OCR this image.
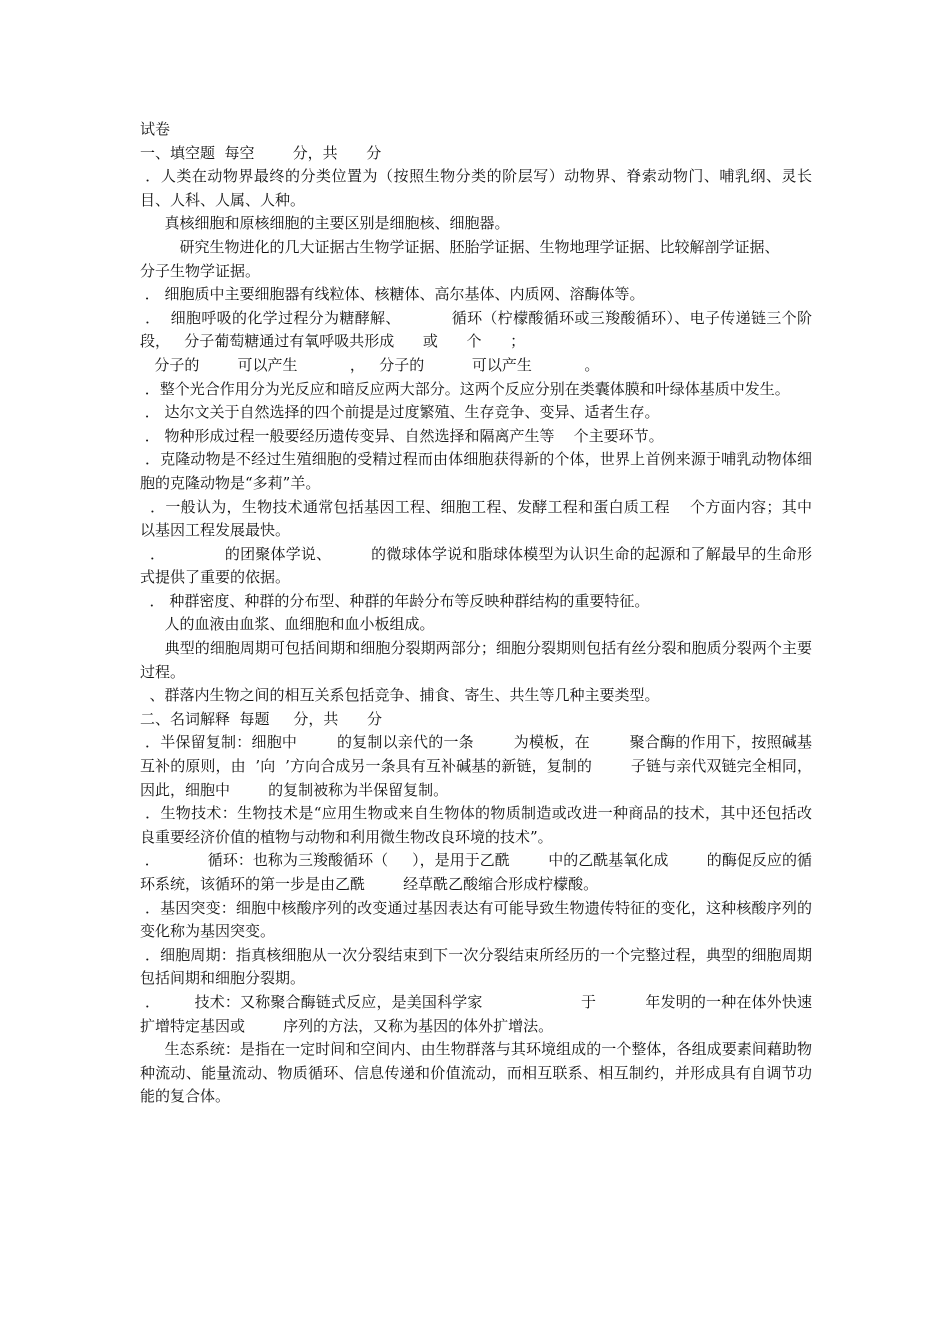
试卷

一、填空题  每空        分，共      分

．人类在动物界最终的分类位置为（按照生物分类的阶层写）动物界、脊索动物门、哺乳纲、灵长目、人科、人属、人种。

真核细胞和原核细胞的主要区别是细胞核、细胞器。

研究生物进化的几大证据古生物学证据、胚胎学证据、生物地理学证据、比较解剖学证据、

分子生物学证据。

． 细胞质中主要细胞器有线粒体、核糖体、高尔基体、内质网、溶酶体等。

．  细胞呼吸的化学过程分为糖酵解、          循环（柠檬酸循环或三羧酸循环）、电子传递链三个阶段，   分子葡萄糖通过有氧呼吸共形成      或      个      ；

分子的        可以产生           ，   分子的          可以产生           。

．整个光合作用分为光反应和暗反应两大部分。这两个反应分别在类囊体膜和叶绿体基质中发生。

． 达尔文关于自然选择的四个前提是过度繁殖、生存竞争、变异、适者生存。

． 物种形成过程一般要经历遗传变异、自然选择和隔离产生等    个主要环节。

．克隆动物是不经过生殖细胞的受精过程而由体细胞获得新的个体，世界上首例来源于哺乳动物体细胞的克隆动物是“多莉”羊。

．一般认为，生物技术通常包括基因工程、细胞工程、发酵工程和蛋白质工程    个方面内容；其中以基因工程发展最快。

．            的团聚体学说、        的微球体学说和脂球体模型为认识生命的起源和了解最早的生命形式提供了重要的依据。

． 种群密度、种群的分布型、种群的年龄分布等反映种群结构的重要特征。

人的血液由血浆、血细胞和血小板组成。

典型的细胞周期可包括间期和细胞分裂期两部分；细胞分裂期则包括有丝分裂和胞质分裂两个主要过程。

、群落内生物之间的相互关系包括竞争、捕食、寄生、共生等几种主要类型。

二、名词解释  每题     分，共      分

．半保留复制：细胞中        的复制以亲代的一条        为模板，在        聚合酶的作用下，按照碱基互补的原则，由  ’向  ’方向合成另一条具有互补碱基的新链，复制的        子链与亲代双链完全相同，因此，细胞中        的复制被称为半保留复制。

．生物技术：生物技术是“应用生物或来自生物体的物质制造或改进一种商品的技术，其中还包括改良重要经济价值的植物与动物和利用微生物改良环境的技术”。

．          循环：也称为三羧酸循环（     ），是用于乙酰        中的乙酰基氧化成        的酶促反应的循环系统，该循环的第一步是由乙酰        经草酰乙酸缩合形成柠檬酸。

．基因突变：细胞中核酸序列的改变通过基因表达有可能导致生物遗传特征的变化，这种核酸序列的变化称为基因突变。

．细胞周期：指真核细胞从一次分裂结束到下一次分裂结束所经历的一个完整过程，典型的细胞周期包括间期和细胞分裂期。

．       技术：又称聚合酶链式反应，是美国科学家                    于          年发明的一种在体外快速扩增特定基因或        序列的方法，又称为基因的体外扩增法。

生态系统：是指在一定时间和空间内、由生物群落与其环境组成的一个整体，各组成要素间藉助物种流动、能量流动、物质循环、信息传递和价值流动，而相互联系、相互制约，并形成具有自调节功能的复合体。
